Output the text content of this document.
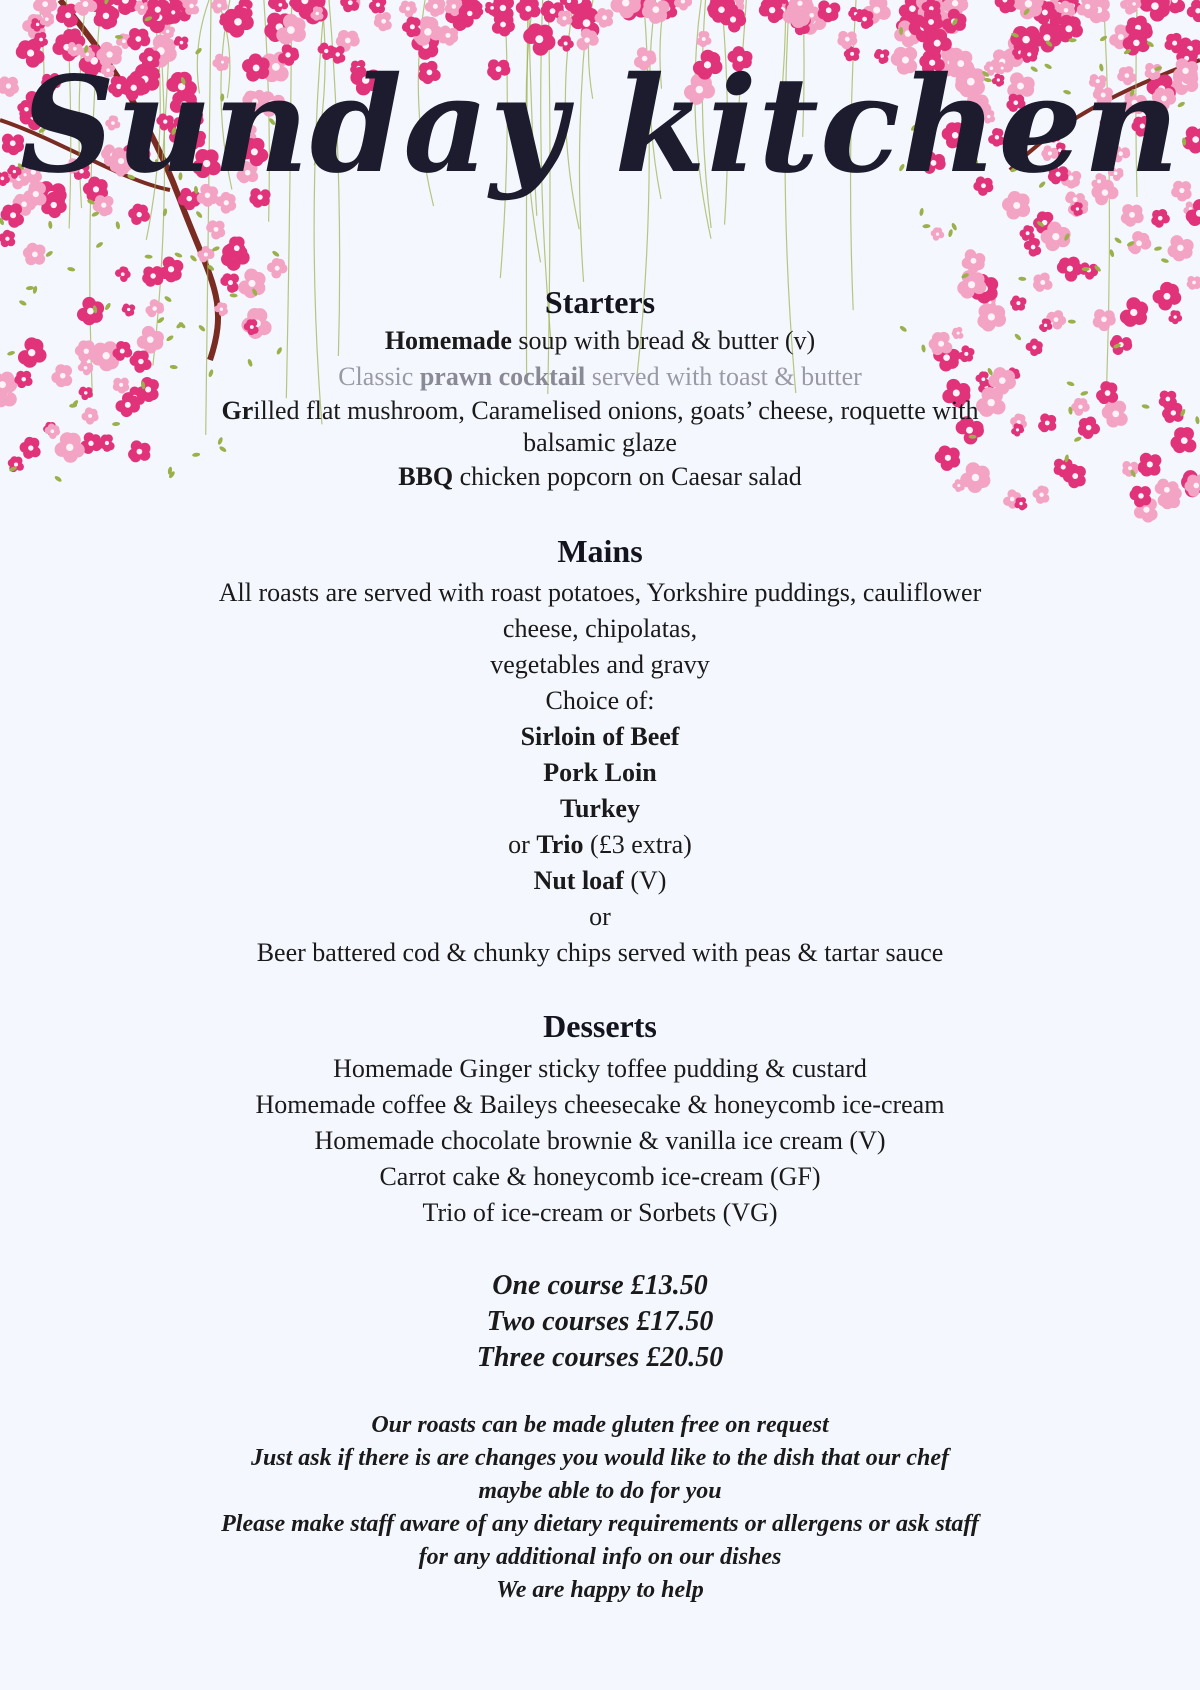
Sunday kitchen
Starters
Homemade soup with bread & butter (v)
Classic prawn cocktail served with toast & butter
Grilled flat mushroom, Caramelised onions, goats’ cheese, roquette with
balsamic glaze
BBQ chicken popcorn on Caesar salad
Mains
All roasts are served with roast potatoes, Yorkshire puddings, cauliflower
cheese, chipolatas,
vegetables and gravy
Choice of:
Sirloin of Beef
Pork Loin
Turkey
or Trio (£3 extra)
Nut loaf (V)
or
Beer battered cod & chunky chips served with peas & tartar sauce
Desserts
Homemade Ginger sticky toffee pudding & custard
Homemade coffee & Baileys cheesecake & honeycomb ice-cream
Homemade chocolate brownie & vanilla ice cream (V)
Carrot cake & honeycomb ice-cream (GF)
Trio of ice-cream or Sorbets (VG)
One course £13.50
Two courses £17.50
Three courses £20.50
Our roasts can be made gluten free on request
Just ask if there is are changes you would like to the dish that our chef
maybe able to do for you
Please make staff aware of any dietary requirements or allergens or ask staff
for any additional info on our dishes
We are happy to help
